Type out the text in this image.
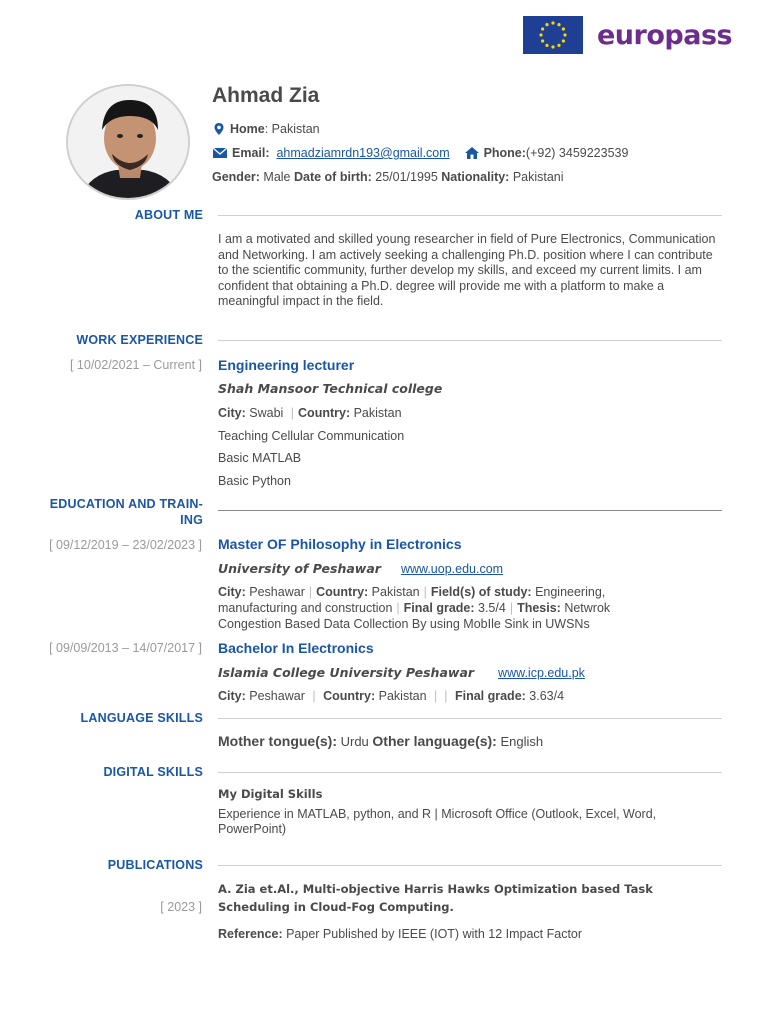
europass
Ahmad Zia
Home : Pakistan
Email:
ahmadziamrdn193@gmail.com
	Phone: (+92) 3459223539
Gender: Male Date of birth: 25/01/1995 Nationality: Pakistani
ABOUT ME
I am a motivated and skilled young researcher in field of Pure Electronics, Communication and Networking. I am actively seeking a challenging Ph.D. position where I can contribute to the scientific community, further develop my skills, and exceed my current limits. I am confident that obtaining a Ph.D. degree will provide me with a platform to make a meaningful impact in the field.
WORK EXPERIENCE
[ 10/02/2021 – Current ] Engineering lecturer
Shah Mansoor Technical college
City: Swabi | Country: Pakistan
Teaching Cellular Communication
Basic MATLAB
Basic Python
EDUCATION AND TRAIN-
ING
[ 09/12/2019 – 23/02/2023 ] Master OF Philosophy in Electronics
University of Peshawar www.uop.edu.com
City: Peshawar | Country: Pakistan | Field(s) of study: Engineering,
manufacturing and construction | Final grade: 3.5/4 | Thesis: Netwrok
Congestion Based Data Collection By using MobIle Sink in UWSNs
[ 09/09/2013 – 14/07/2017 ] Bachelor In Electronics
Islamia College University Peshawar www.icp.edu.pk
City: Peshawar | Country: Pakistan |  | Final grade: 3.63/4
LANGUAGE SKILLS
Mother tongue(s): Urdu Other language(s): English
DIGITAL SKILLS
My Digital Skills
Experience in MATLAB, python, and R | Microsoft Office (Outlook, Excel, Word,
PowerPoint)
PUBLICATIONS
A. Zia et.Al., Multi-objective Harris Hawks Optimization based Task Scheduling in Cloud-Fog Computing.
[ 2023 ]
Reference: Paper Published by IEEE (IOT) with 12 Impact Factor
